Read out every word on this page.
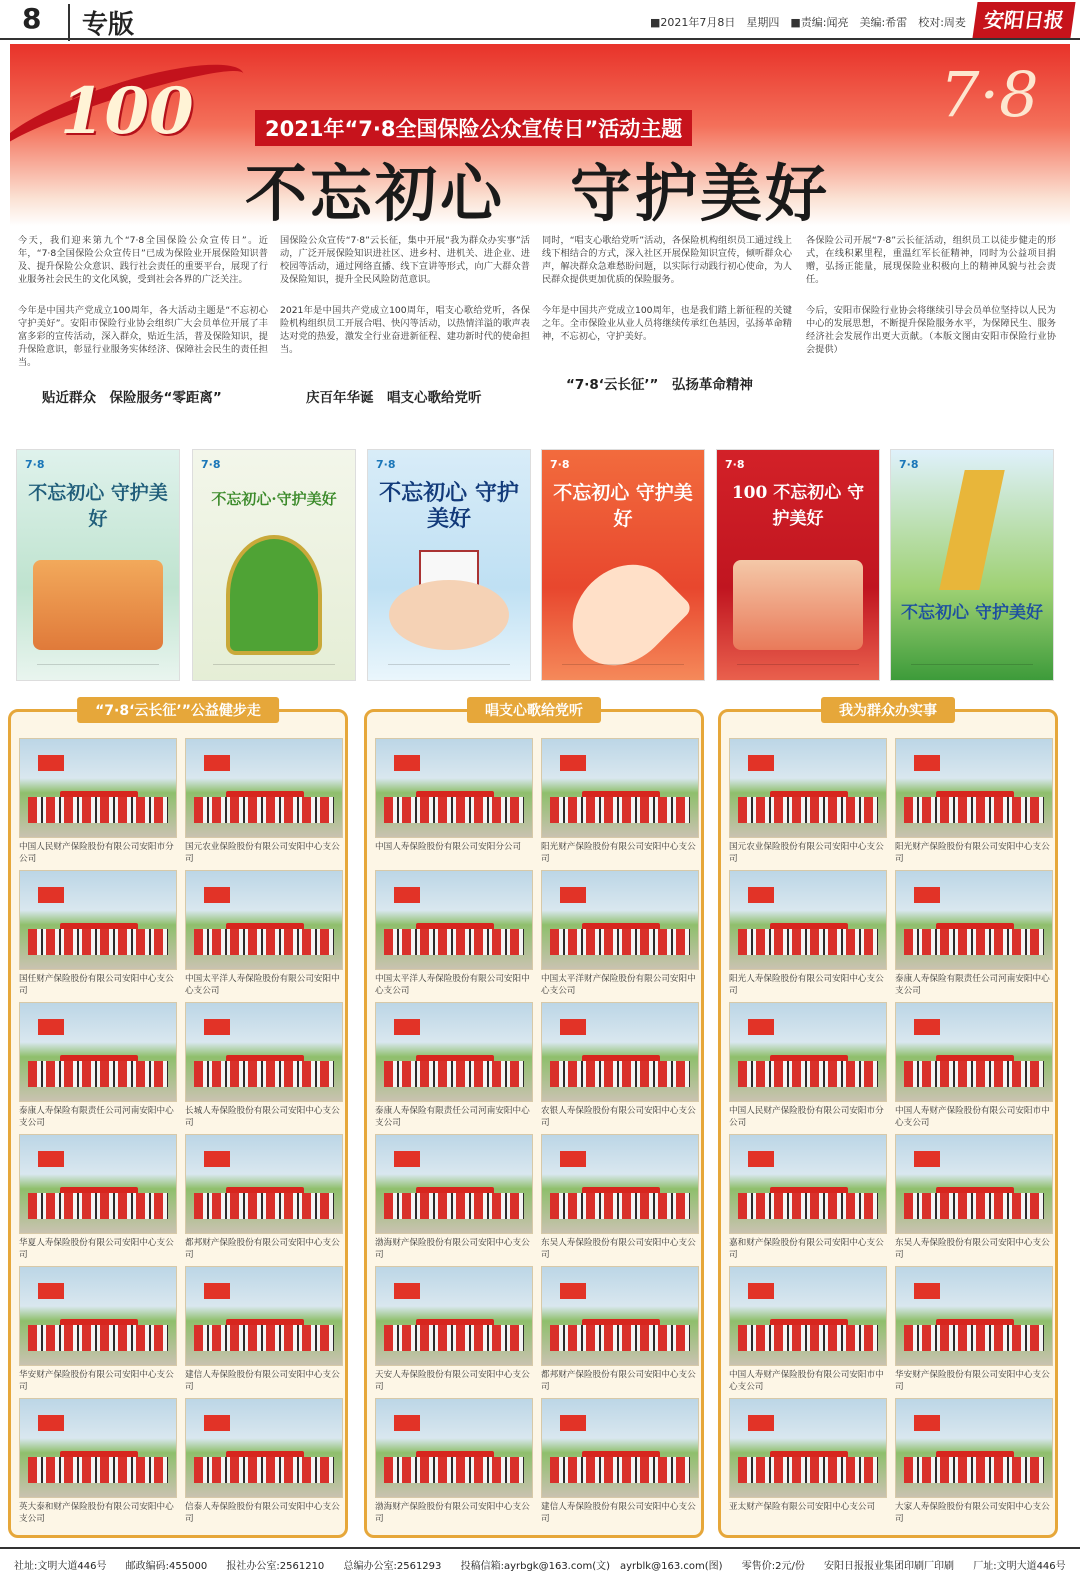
8	专版	■2021年7月8日　星期四　■责编:闻亮　美编:希雷　校对:周麦 安阳日报
100	2021年“7·8全国保险公众宣传日”活动主题
不忘初心　守护美好
7·8
今天，我们迎来第九个“7·8全国保险公众宣传日”。近年，“7·8全国保险公众宣传日”已成为保险业开展保险知识普及、提升保险公众意识、践行社会责任的重要平台，展现了行业服务社会民生的文化风貌，受到社会各界的广泛关注。
今年是中国共产党成立100周年，各大活动主题是“不忘初心 守护美好”。安阳市保险行业协会组织广大会员单位开展了丰富多彩的宣传活动，深入群众，贴近生活，普及保险知识，提升保险意识，彰显行业服务实体经济、保障社会民生的责任担当。
国保险公众宣传“7·8”云长征，集中开展“我为群众办实事”活动，广泛开展保险知识进社区、进乡村、进机关、进企业、进校园等活动，通过网络直播、线下宣讲等形式，向广大群众普及保险知识，提升全民风险防范意识。
2021年是中国共产党成立100周年，唱支心歌给党听，各保险机构组织员工开展合唱、快闪等活动，以热情洋溢的歌声表达对党的热爱，激发全行业奋进新征程、建功新时代的使命担当。
同时，“唱支心歌给党听”活动，各保险机构组织员工通过线上线下相结合的方式，深入社区开展保险知识宣传，倾听群众心声，解决群众急难愁盼问题，以实际行动践行初心使命，为人民群众提供更加优质的保险服务。
今年是中国共产党成立100周年，也是我们踏上新征程的关键之年。全市保险业从业人员将继续传承红色基因，弘扬革命精神，不忘初心，守护美好。
各保险公司开展“7·8”云长征活动，组织员工以徒步健走的形式，在线积累里程，重温红军长征精神，同时为公益项目捐赠，弘扬正能量，展现保险业积极向上的精神风貌与社会责任。
今后，安阳市保险行业协会将继续引导会员单位坚持以人民为中心的发展思想，不断提升保险服务水平，为保障民生、服务经济社会发展作出更大贡献。（本版文图由安阳市保险行业协会提供）
贴近群众　保险服务“零距离”	庆百年华诞　唱支心歌给党听
“7·8‘云长征’”　弘扬革命精神
7·8
不忘初心 守护美好
7·8
不忘初心·守护美好
7·8
不忘初心 守护美好
7·8
不忘初心 守护美好
7·8
100 不忘初心 守护美好
7·8
不忘初心 守护美好
“7·8‘云长征’”公益健步走
中国人民财产保险股份有限公司安阳市分公司
国元农业保险股份有限公司安阳中心支公司
国任财产保险股份有限公司安阳中心支公司
中国太平洋人寿保险股份有限公司安阳中心支公司
泰康人寿保险有限责任公司河南安阳中心支公司
长城人寿保险股份有限公司安阳中心支公司
华夏人寿保险股份有限公司安阳中心支公司
都邦财产保险股份有限公司安阳中心支公司
华安财产保险股份有限公司安阳中心支公司
建信人寿保险股份有限公司安阳中心支公司
英大泰和财产保险股份有限公司安阳中心支公司
信泰人寿保险股份有限公司安阳中心支公司
唱支心歌给党听
中国人寿保险股份有限公司安阳分公司	阳光财产保险股份有限公司安阳中心支公司
中国太平洋人寿保险股份有限公司安阳中心支公司
中国太平洋财产保险股份有限公司安阳中心支公司
泰康人寿保险有限责任公司河南安阳中心支公司
农银人寿保险股份有限公司安阳中心支公司
渤海财产保险股份有限公司安阳中心支公司
东吴人寿保险股份有限公司安阳中心支公司
天安人寿保险股份有限公司安阳中心支公司
都邦财产保险股份有限公司安阳中心支公司
渤海财产保险股份有限公司安阳中心支公司
建信人寿保险股份有限公司安阳中心支公司
我为群众办实事
国元农业保险股份有限公司安阳中心支公司
阳光财产保险股份有限公司安阳中心支公司
阳光人寿保险股份有限公司安阳中心支公司
泰康人寿保险有限责任公司河南安阳中心支公司
中国人民财产保险股份有限公司安阳市分公司
中国人寿财产保险股份有限公司安阳市中心支公司
嘉和财产保险股份有限公司安阳中心支公司
东吴人寿保险股份有限公司安阳中心支公司
中国人寿财产保险股份有限公司安阳市中心支公司
华安财产保险股份有限公司安阳中心支公司
亚太财产保险有限公司安阳中心支公司	大家人寿保险股份有限公司安阳中心支公司
社址:文明大道446号 邮政编码:455000 报社办公室:2561210 总编办公室:2561293 投稿信箱:ayrbgk@163.com(文)　ayrblk@163.com(图) 零售价:2元/份 安阳日报报业集团印刷厂印刷 厂址:文明大道446号
